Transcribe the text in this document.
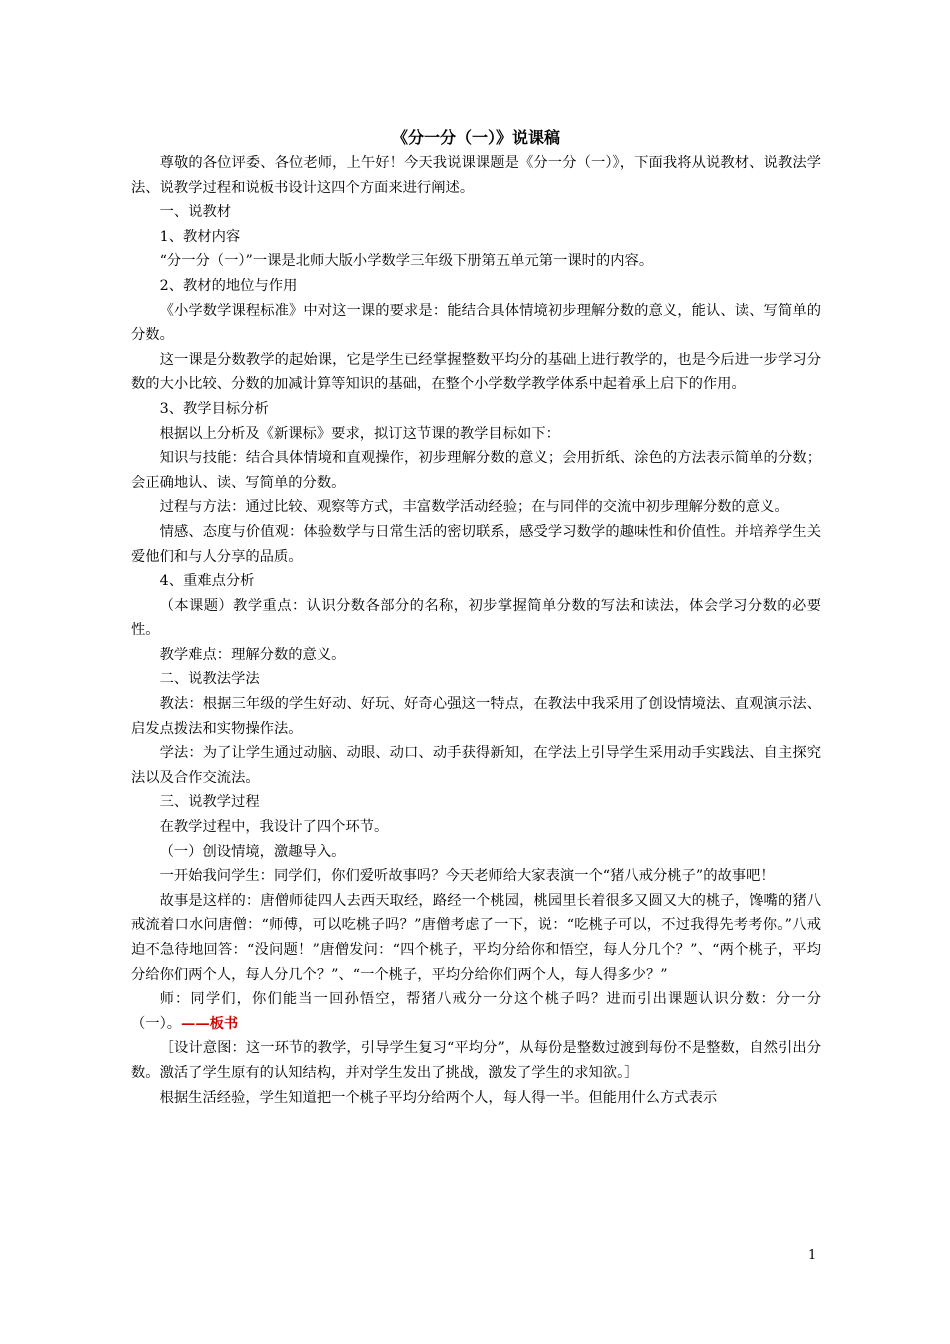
《分一分（一）》说课稿

尊敬的各位评委、各位老师，上午好！今天我说课课题是《分一分（一）》，下面我将从说教材、说教法学法、说教学过程和说板书设计这四个方面来进行阐述。

一、说教材

1、教材内容

“分一分（一）”一课是北师大版小学数学三年级下册第五单元第一课时的内容。

2、教材的地位与作用

《小学数学课程标准》中对这一课的要求是：能结合具体情境初步理解分数的意义，能认、读、写简单的分数。

这一课是分数教学的起始课，它是学生已经掌握整数平均分的基础上进行教学的，也是今后进一步学习分数的大小比较、分数的加减计算等知识的基础，在整个小学数学教学体系中起着承上启下的作用。

3、教学目标分析

根据以上分析及《新课标》要求，拟订这节课的教学目标如下：

知识与技能：结合具体情境和直观操作，初步理解分数的意义；会用折纸、涂色的方法表示简单的分数；会正确地认、读、写简单的分数。

过程与方法：通过比较、观察等方式，丰富数学活动经验；在与同伴的交流中初步理解分数的意义。

情感、态度与价值观：体验数学与日常生活的密切联系，感受学习数学的趣味性和价值性。并培养学生关爱他们和与人分享的品质。

4、重难点分析

（本课题）教学重点：认识分数各部分的名称，初步掌握简单分数的写法和读法，体会学习分数的必要性。

教学难点：理解分数的意义。

二、说教法学法

教法：根据三年级的学生好动、好玩、好奇心强这一特点，在教法中我采用了创设情境法、直观演示法、启发点拨法和实物操作法。

学法：为了让学生通过动脑、动眼、动口、动手获得新知，在学法上引导学生采用动手实践法、自主探究法以及合作交流法。

三、说教学过程

在教学过程中，我设计了四个环节。

（一）创设情境，激趣导入。

一开始我问学生：同学们，你们爱听故事吗？今天老师给大家表演一个“猪八戒分桃子”的故事吧！

故事是这样的：唐僧师徒四人去西天取经，路经一个桃园，桃园里长着很多又圆又大的桃子，馋嘴的猪八戒流着口水问唐僧：“师傅，可以吃桃子吗？”唐僧考虑了一下，说：“吃桃子可以，不过我得先考考你。”八戒迫不急待地回答：“没问题！”唐僧发问：“四个桃子，平均分给你和悟空，每人分几个？”、“两个桃子，平均分给你们两个人，每人分几个？”、“一个桃子，平均分给你们两个人，每人得多少？”

师：同学们，你们能当一回孙悟空，帮猪八戒分一分这个桃子吗？进而引出课题认识分数：分一分（一）。——板书

［设计意图：这一环节的教学，引导学生复习“平均分”，从每份是整数过渡到每份不是整数，自然引出分数。激活了学生原有的认知结构，并对学生发出了挑战，激发了学生的求知欲。］

根据生活经验，学生知道把一个桃子平均分给两个人，每人得一半。但能用什么方式表示

1
